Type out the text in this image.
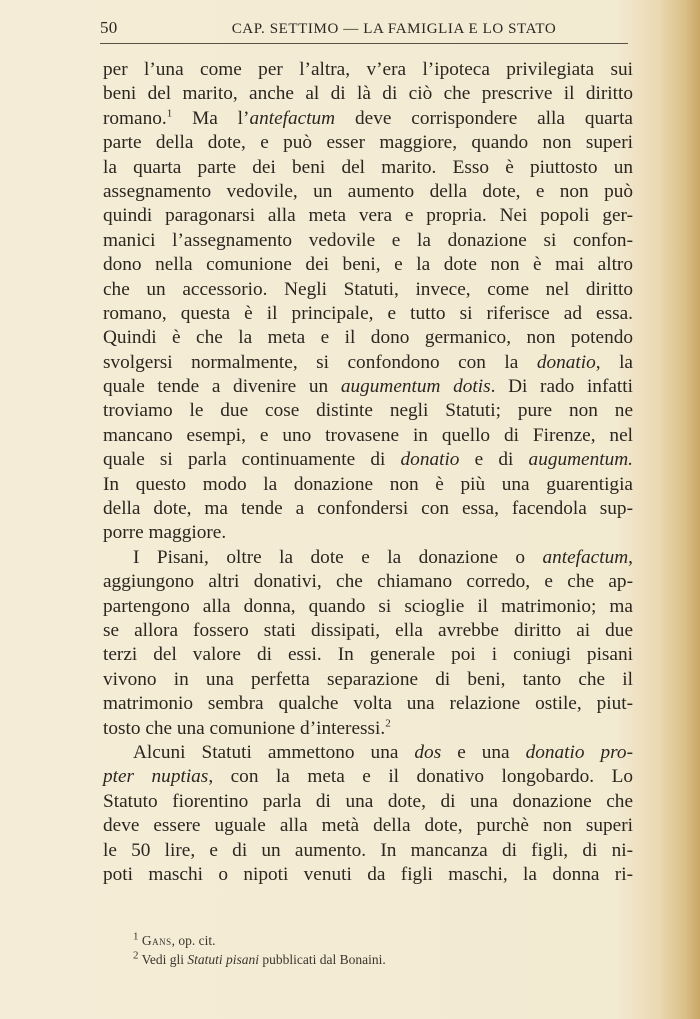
50	CAP. SETTIMO — LA FAMIGLIA E LO STATO
per l’una come per l’altra, v’era l’ipoteca privilegiata sui
beni del marito, anche al di là di ciò che prescrive il diritto
romano.$^1$ Ma l’antefactum deve corrispondere alla quarta
parte della dote, e può esser maggiore, quando non superi
la quarta parte dei beni del marito. Esso è piuttosto un
assegnamento vedovile, un aumento della dote, e non può
quindi paragonarsi alla meta vera e propria. Nei popoli ger-
manici l’assegnamento vedovile e la donazione si confon-
dono nella comunione dei beni, e la dote non è mai altro
che un accessorio. Negli Statuti, invece, come nel diritto
romano, questa è il principale, e tutto si riferisce ad essa.
Quindi è che la meta e il dono germanico, non potendo
svolgersi normalmente, si confondono con la donatio, la
quale tende a divenire un augumentum dotis. Di rado infatti
troviamo le due cose distinte negli Statuti; pure non ne
mancano esempi, e uno trovasene in quello di Firenze, nel
quale si parla continuamente di donatio e di augumentum.
In questo modo la donazione non è più una guarentigia
della dote, ma tende a confondersi con essa, facendola sup-
porre maggiore.
I Pisani, oltre la dote e la donazione o antefactum,
aggiungono altri donativi, che chiamano corredo, e che ap-
partengono alla donna, quando si scioglie il matrimonio; ma
se allora fossero stati dissipati, ella avrebbe diritto ai due
terzi del valore di essi. In generale poi i coniugi pisani
vivono in una perfetta separazione di beni, tanto che il
matrimonio sembra qualche volta una relazione ostile, piut-
tosto che una comunione d’interessi.$^2$
Alcuni Statuti ammettono una dos e una donatio pro-
pter nuptias, con la meta e il donativo longobardo. Lo
Statuto fiorentino parla di una dote, di una donazione che
deve essere uguale alla metà della dote, purchè non superi
le 50 lire, e di un aumento. In mancanza di figli, di ni-
poti maschi o nipoti venuti da figli maschi, la donna ri-
$^1$ Gans, op. cit.
$^2$ Vedi gli Statuti pisani pubblicati dal Bonaini.
